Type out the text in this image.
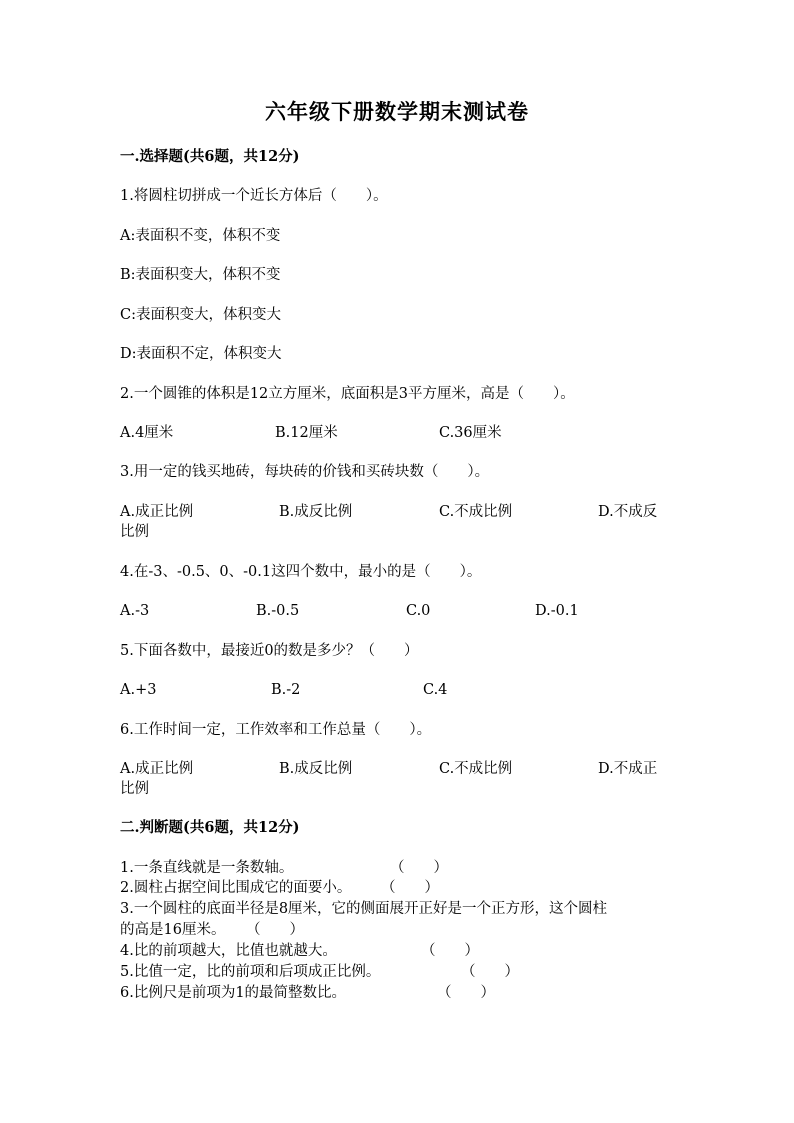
六年级下册数学期末测试卷
一.选择题(共6题，共12分)
1.将圆柱切拼成一个近长方体后（　　）。
A:表面积不变，体积不变
B:表面积变大，体积不变
C:表面积变大，体积变大
D:表面积不定，体积变大
2.一个圆锥的体积是12立方厘米，底面积是3平方厘米，高是（　　）。
A.4厘米	B.12厘米	C.36厘米
3.用一定的钱买地砖，每块砖的价钱和买砖块数（　　）。
A.成正比例	B.成反比例	C.不成比例	D.不成反
比例
4.在-3、-0.5、0、-0.1这四个数中，最小的是（　　）。
A.-3	B.-0.5	C.0	D.-0.1
5.下面各数中，最接近0的数是多少？（　　）
A.+3	B.-2	C.4
6.工作时间一定，工作效率和工作总量（　　）。
A.成正比例	B.成反比例	C.不成比例	D.不成正
比例
二.判断题(共6题，共12分)
1.一条直线就是一条数轴。	（　　）
2.圆柱占据空间比围成它的面要小。 （　　）
3.一个圆柱的底面半径是8厘米，它的侧面展开正好是一个正方形，这个圆柱
的高是16厘米。 （　　）
4.比的前项越大，比值也就越大。	（　　）
5.比值一定，比的前项和后项成正比例。	（　　）
6.比例尺是前项为1的最简整数比。	（　　）
